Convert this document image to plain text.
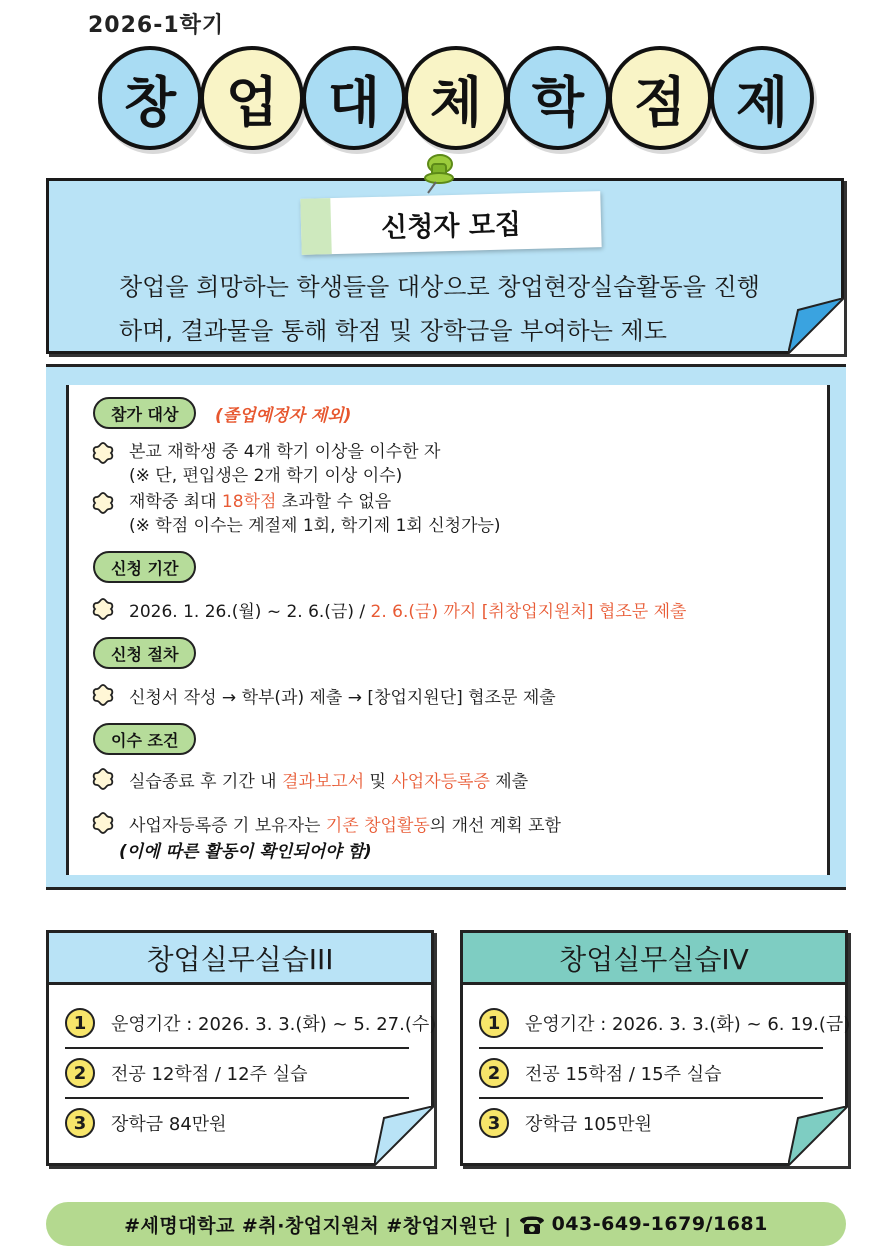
2026-1학기
창 업 대 체 학 점 제
신청자 모집
창업을 희망하는 학생들을 대상으로 창업현장실습활동을 진행
하며, 결과물을 통해 학점 및 장학금을 부여하는 제도
참가 대상	(졸업예정자 제외)
본교 재학생 중 4개 학기 이상을 이수한 자
(※ 단, 편입생은 2개 학기 이상 이수)
재학중 최대 18학점 초과할 수 없음
(※ 학점 이수는 계절제 1회, 학기제 1회 신청가능)
신청 기간
2026. 1. 26.(월) ~ 2. 6.(금) / 2. 6.(금) 까지 [취창업지원처] 협조문 제출
신청 절차
신청서 작성 → 학부(과) 제출 → [창업지원단] 협조문 제출
이수 조건
실습종료 후 기간 내 결과보고서 및 사업자등록증 제출
사업자등록증 기 보유자는 기존 창업활동의 개선 계획 포함
(이에 따른 활동이 확인되어야 함)
창업실무실습III
1	운영기간 : 2026. 3. 3.(화) ~ 5. 27.(수)
2	전공 12학점 / 12주 실습
3	장학금 84만원
창업실무실습IV
1	운영기간 : 2026. 3. 3.(화) ~ 6. 19.(금)
2	전공 15학점 / 15주 실습
3	장학금 105만원
#세명대학교 #취·창업지원처 #창업지원단 | 043-649-1679/1681
